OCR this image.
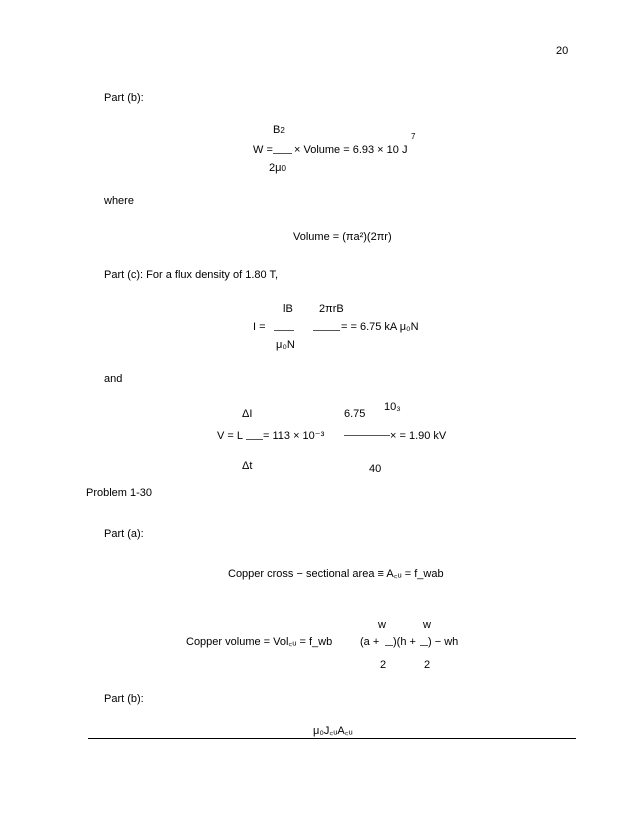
20
Part (b):
B2
7
W = × Volume = 6.93 × 10 J
2μ0
where
Volume = (πa²)(2πr)
Part (c): For a flux density of 1.80 T,
lB 2πrB
I =	= = 6.75 kA μ₀N
μ₀N
and
10₃
ΔI	6.75
V = L = 113 × 10⁻³	× = 1.90 kV
Δt	40
Problem 1-30
Part (a):
Copper cross − sectional area ≡ A꜀ᵤ = f_wab
w	w
Copper volume = Vol꜀ᵤ = f_wb	(a + )(h + ) − wh
2	2
Part (b):
μ₀J꜀ᵤA꜀ᵤ
